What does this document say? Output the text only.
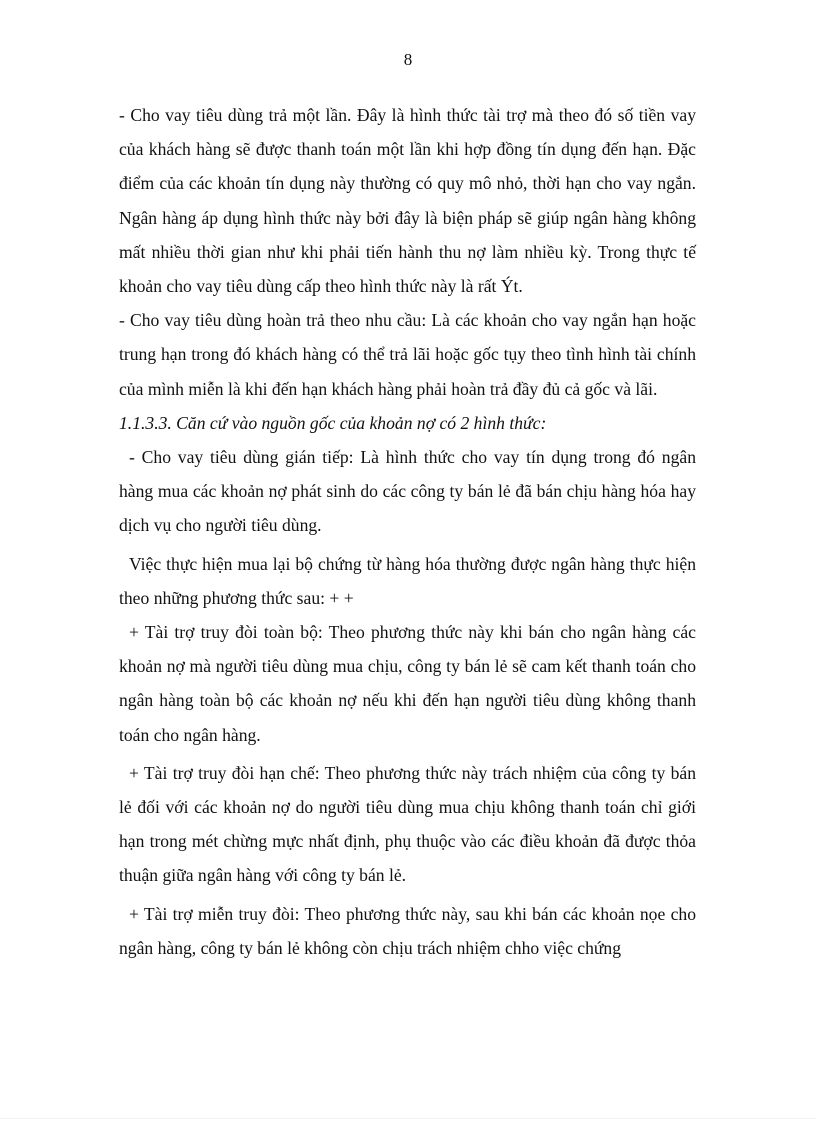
8

- Cho vay tiêu dùng trả một lần. Đây là hình thức tài trợ mà theo đó số tiền vay của khách hàng sẽ được thanh toán một lần khi hợp đồng tín dụng đến hạn. Đặc điểm của các khoản tín dụng này thường có quy mô nhỏ, thời hạn cho vay ngắn. Ngân hàng áp dụng hình thức này bởi đây là biện pháp sẽ giúp ngân hàng không mất nhiều thời gian như khi phải tiến hành thu nợ làm nhiều kỳ. Trong thực tế khoản cho vay tiêu dùng cấp theo hình thức này là rất Ýt.

- Cho vay tiêu dùng hoàn trả theo nhu cầu: Là các khoản cho vay ngắn hạn hoặc trung hạn trong đó khách hàng có thể trả lãi hoặc gốc tụy theo tình hình tài chính của mình miễn là khi đến hạn khách hàng phải hoàn trả đầy đủ cả gốc và lãi.

1.1.3.3. Căn cứ vào nguồn gốc của khoản nợ có 2 hình thức:

- Cho vay tiêu dùng gián tiếp: Là hình thức cho vay tín dụng trong đó ngân hàng mua các khoản nợ phát sinh do các công ty bán lẻ đã bán chịu hàng hóa hay dịch vụ cho người tiêu dùng.

Việc thực hiện mua lại bộ chứng từ hàng hóa thường được ngân hàng thực hiện theo những phương thức sau: + +

+ Tài trợ truy đòi toàn bộ: Theo phương thức này khi bán cho ngân hàng các khoản nợ mà người tiêu dùng mua chịu, công ty bán lẻ sẽ cam kết thanh toán cho ngân hàng toàn bộ các khoản nợ nếu khi đến hạn người tiêu dùng không thanh toán cho ngân hàng.

+ Tài trợ truy đòi hạn chế: Theo phương thức này trách nhiệm của công ty bán lẻ đối với các khoản nợ do người tiêu dùng mua chịu không thanh toán chỉ giới hạn trong mét chừng mực nhất định, phụ thuộc vào các điều khoản đã được thỏa thuận giữa ngân hàng với công ty bán lẻ.

+ Tài trợ miễn truy đòi: Theo phương thức này, sau khi bán các khoản nọe cho ngân hàng, công ty bán lẻ không còn chịu trách nhiệm chho việc chứng
